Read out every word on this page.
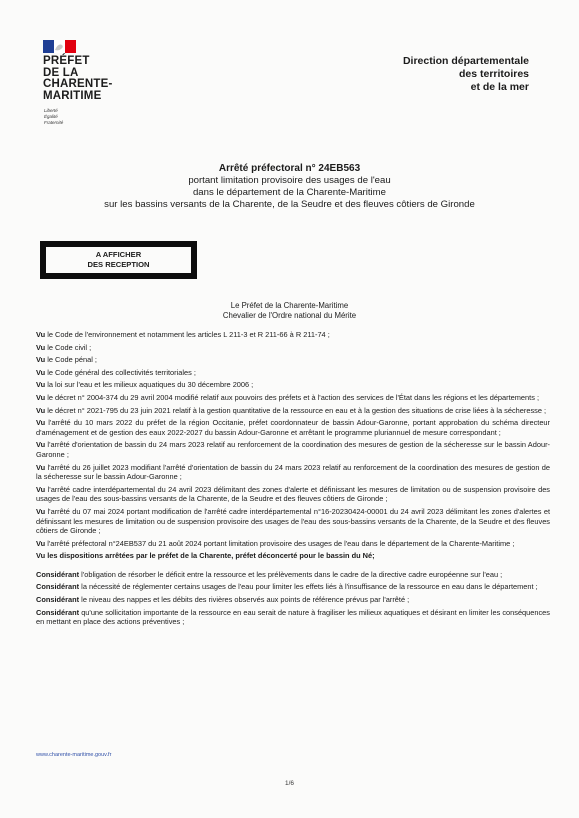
PRÉFET
DE LA
CHARENTE-
MARITIME
Liberté
Égalité
Fraternité
Direction départementale
des territoires
et de la mer
Arrêté préfectoral n° 24EB563
portant limitation provisoire des usages de l'eau
dans le département de la Charente-Maritime
sur les bassins versants de la Charente, de la Seudre et des fleuves côtiers de Gironde
A AFFICHER
DES RECEPTION
Le Préfet de la Charente-Maritime
Chevalier de l'Ordre national du Mérite
Vu le Code de l'environnement et notamment les articles L 211-3 et R 211-66 à R 211-74 ;
Vu le Code civil ;
Vu le Code pénal ;
Vu le Code général des collectivités territoriales ;
Vu la loi sur l'eau et les milieux aquatiques du 30 décembre 2006 ;
Vu le décret n° 2004-374 du 29 avril 2004 modifié relatif aux pouvoirs des préfets et à l'action des services de l'État dans les régions et les départements ;
Vu le décret n° 2021-795 du 23 juin 2021 relatif à la gestion quantitative de la ressource en eau et à la gestion des situations de crise liées à la sécheresse ;
Vu l'arrêté du 10 mars 2022 du préfet de la région Occitanie, préfet coordonnateur de bassin Adour-Garonne, portant approbation du schéma directeur d'aménagement et de gestion des eaux 2022-2027 du bassin Adour-Garonne et arrêtant le programme pluriannuel de mesure correspondant ;
Vu l'arrêté d'orientation de bassin du 24 mars 2023 relatif au renforcement de la coordination des mesures de gestion de la sécheresse sur le bassin Adour-Garonne ;
Vu l'arrêté du 26 juillet 2023 modifiant l'arrêté d'orientation de bassin du 24 mars 2023 relatif au renforcement de la coordination des mesures de gestion de la sécheresse sur le bassin Adour-Garonne ;
Vu l'arrêté cadre interdépartemental du 24 avril 2023 délimitant des zones d'alerte et définissant les mesures de limitation ou de suspension provisoire des usages de l'eau des sous-bassins versants de la Charente, de la Seudre et des fleuves côtiers de Gironde ;
Vu l'arrêté du 07 mai 2024 portant modification de l'arrêté cadre interdépartemental n°16-20230424-00001 du 24 avril 2023 délimitant les zones d'alertes et définissant les mesures de limitation ou de suspension provisoire des usages de l'eau des sous-bassins versants de la Charente, de la Seudre et des fleuves côtiers de Gironde ;
Vu l'arrêté préfectoral n°24EB537 du 21 août 2024 portant limitation provisoire des usages de l'eau dans le département de la Charente-Maritime ;
Vu les dispositions arrêtées par le préfet de la Charente, préfet déconcerté pour le bassin du Né;
Considérant l'obligation de résorber le déficit entre la ressource et les prélèvements dans le cadre de la directive cadre européenne sur l'eau ;
Considérant la nécessité de réglementer certains usages de l'eau pour limiter les effets liés à l'insuffisance de la ressource en eau dans le département ;
Considérant le niveau des nappes et les débits des rivières observés aux points de référence prévus par l'arrêté ;
Considérant qu'une sollicitation importante de la ressource en eau serait de nature à fragiliser les milieux aquatiques et désirant en limiter les conséquences en mettant en place des actions préventives ;
www.charente-maritime.gouv.fr
1/6
